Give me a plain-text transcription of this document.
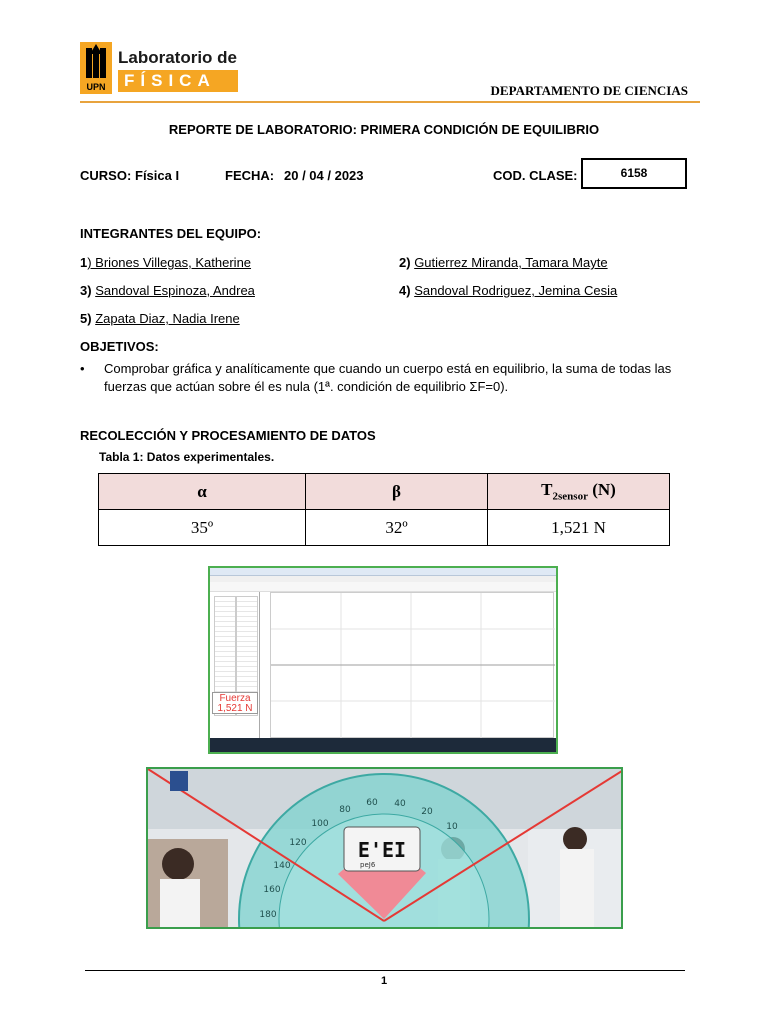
UPN
Laboratorio de
FÍSICA
DEPARTAMENTO DE CIENCIAS
REPORTE DE LABORATORIO: PRIMERA CONDICIÓN DE EQUILIBRIO
CURSO: Física I	FECHA: 20 / 04 / 2023	COD. CLASE:	6158
INTEGRANTES DEL EQUIPO:
1) Briones Villegas, Katherine	2) Gutierrez Miranda, Tamara Mayte
3) Sandoval Espinoza, Andrea	4) Sandoval Rodriguez, Jemina Cesia
5) Zapata Diaz, Nadia Irene
OBJETIVOS:
• Comprobar gráfica y analíticamente que cuando un cuerpo está en equilibrio, la suma de todas las fuerzas que actúan sobre él es nula (1ª. condición de equilibrio ΣF=0).
RECOLECCIÓN Y PROCESAMIENTO DE DATOS
Tabla 1: Datos experimentales.
α	β	$T_{2sensor}$ (N)
35º	32º	1,521 N
Fuerza
1,521 N
E'EI
peJ6
180
160
140
120
100
80
60 40
20
10
1
